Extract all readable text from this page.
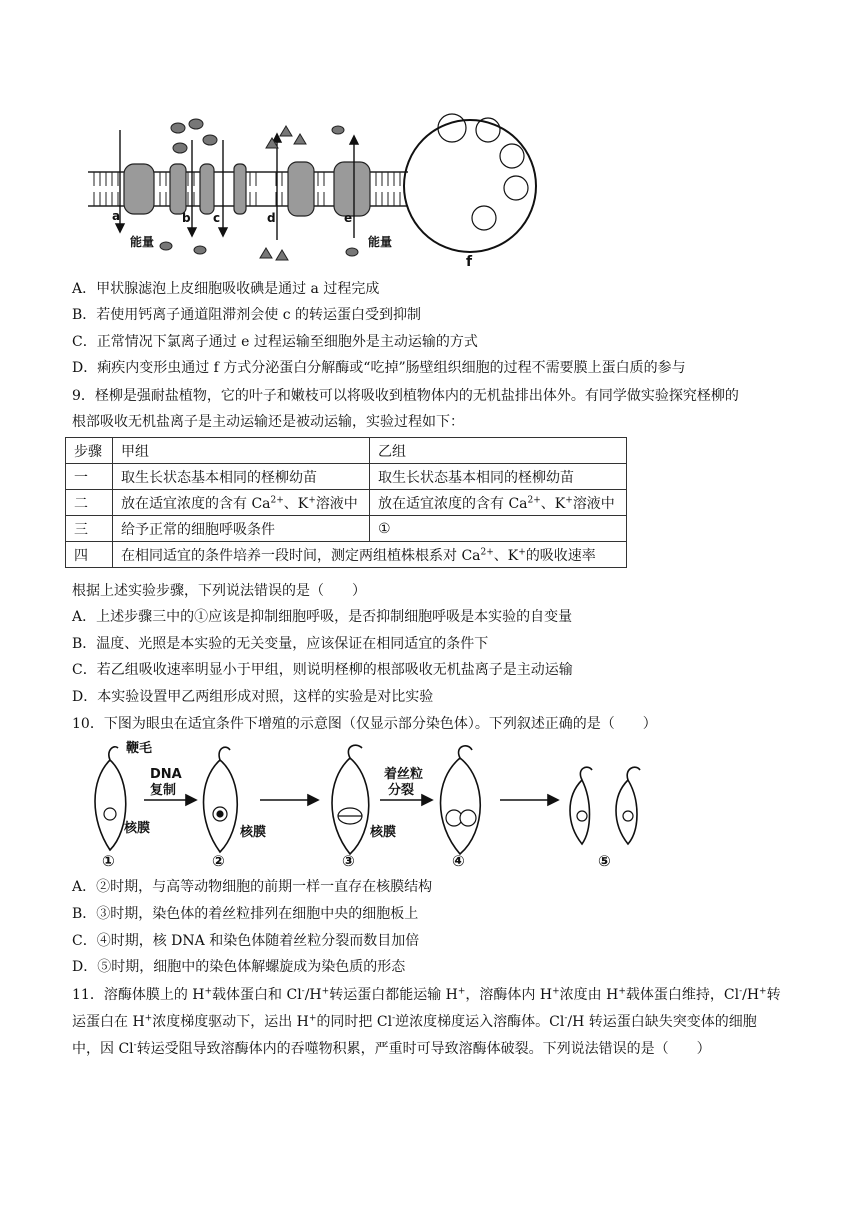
a	b c	d	e
f
能量	能量
A．甲状腺滤泡上皮细胞吸收碘是通过 a 过程完成
B．若使用钙离子通道阻滞剂会使 c 的转运蛋白受到抑制
C．正常情况下氯离子通过 e 过程运输至细胞外是主动运输的方式
D．痢疾内变形虫通过 f 方式分泌蛋白分解酶或“吃掉”肠壁组织细胞的过程不需要膜上蛋白质的参与
9．柽柳是强耐盐植物，它的叶子和嫩枝可以将吸收到植物体内的无机盐排出体外。有同学做实验探究柽柳的
根部吸收无机盐离子是主动运输还是被动运输，实验过程如下：
步骤	甲组	乙组
一	取生长状态基本相同的柽柳幼苗	取生长状态基本相同的柽柳幼苗
二	放在适宜浓度的含有 $Ca^{2+}$、K+溶液中	放在适宜浓度的含有 $Ca^{2+}$、K+溶液中
三	给予正常的细胞呼吸条件	①
四	在相同适宜的条件培养一段时间，测定两组植株根系对 $Ca^{2+}$、K+的吸收速率	
根据上述实验步骤，下列说法错误的是（　　）
A．上述步骤三中的①应该是抑制细胞呼吸，是否抑制细胞呼吸是本实验的自变量
B．温度、光照是本实验的无关变量，应该保证在相同适宜的条件下
C．若乙组吸收速率明显小于甲组，则说明柽柳的根部吸收无机盐离子是主动运输
D．本实验设置甲乙两组形成对照，这样的实验是对比实验
10．下图为眼虫在适宜条件下增殖的示意图（仅显示部分染色体）。下列叙述正确的是（　　）
鞭毛
DNA
复制
核膜	核膜	核膜
着丝粒
分裂
①	②	③	④	⑤
A．②时期，与高等动物细胞的前期一样一直存在核膜结构
B．③时期，染色体的着丝粒排列在细胞中央的细胞板上
C．④时期，核 DNA 和染色体随着丝粒分裂而数目加倍
D．⑤时期，细胞中的染色体解螺旋成为染色质的形态
11．溶酶体膜上的 H+载体蛋白和 Cl-/H+转运蛋白都能运输 H+，溶酶体内 H+浓度由 H+载体蛋白维持，Cl-/H+转
运蛋白在 H+浓度梯度驱动下，运出 H+的同时把 Cl-逆浓度梯度运入溶酶体。Cl-/H 转运蛋白缺失突变体的细胞
中，因 Cl-转运受阻导致溶酶体内的吞噬物积累，严重时可导致溶酶体破裂。下列说法错误的是（　　）
